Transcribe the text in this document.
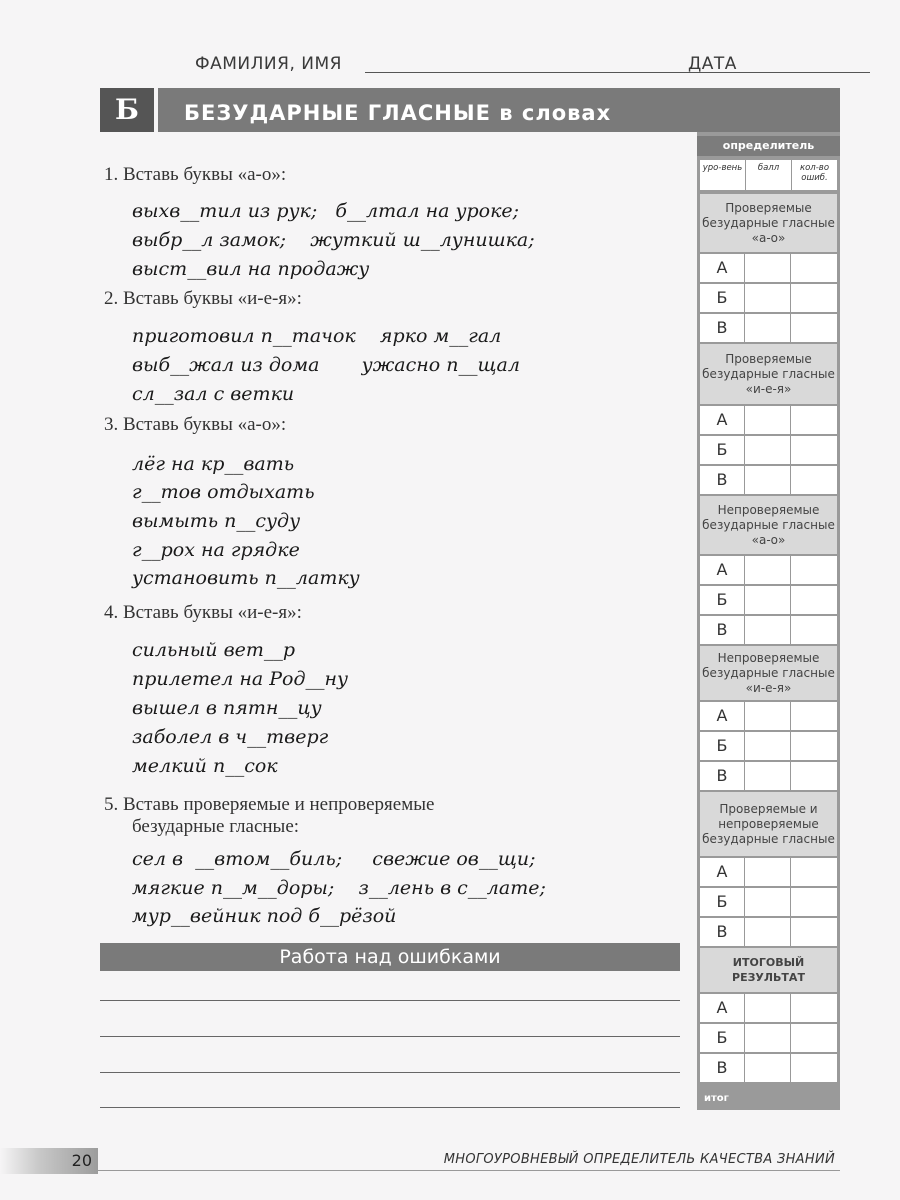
ФАМИЛИЯ, ИМЯ	ДАТА
Б	БЕЗУДАРНЫЕ ГЛАСНЫЕ в словах
1. Вставь буквы «а-о»:
выхв__тил из рук;   б__лтал на уроке;
выбр__л замок;    жуткий ш__лунишка;
выст__вил на продажу
2. Вставь буквы «и-е-я»:
приготовил п__тачок    ярко м__гал
выб__жал из дома       ужасно п__щал
сл__зал с ветки
3. Вставь буквы «а-о»:
лёг на кр__вать
г__тов отдыхать
вымыть п__суду
г__рох на грядке
установить п__латку
4. Вставь буквы «и-е-я»:
сильный вет__р
прилетел на Род__ну
вышел в пятн__цу
заболел в ч__тверг
мелкий п__сок
5. Вставь проверяемые и непроверяемые
безударные гласные:
сел в  __втом__биль;     свежие ов__щи;
мягкие п__м__доры;    з__лень в с__лате;
мур__вейник под б__рёзой
Работа над ошибками
определитель
уро-вень	балл	кол-во ошиб.
Проверяемые безударные гласные «а-о»
А
Б
В
Проверяемые безударные гласные «и-е-я»
А
Б
В
Непроверяемые безударные гласные «а-о»
А
Б
В
Непроверяемые безударные гласные «и-е-я»
А
Б
В
Проверяемые и непроверяемые безударные гласные
А
Б
В
ИТОГОВЫЙ РЕЗУЛЬТАТ
А
Б
В
итог
20	МНОГОУРОВНЕВЫЙ ОПРЕДЕЛИТЕЛЬ КАЧЕСТВА ЗНАНИЙ
